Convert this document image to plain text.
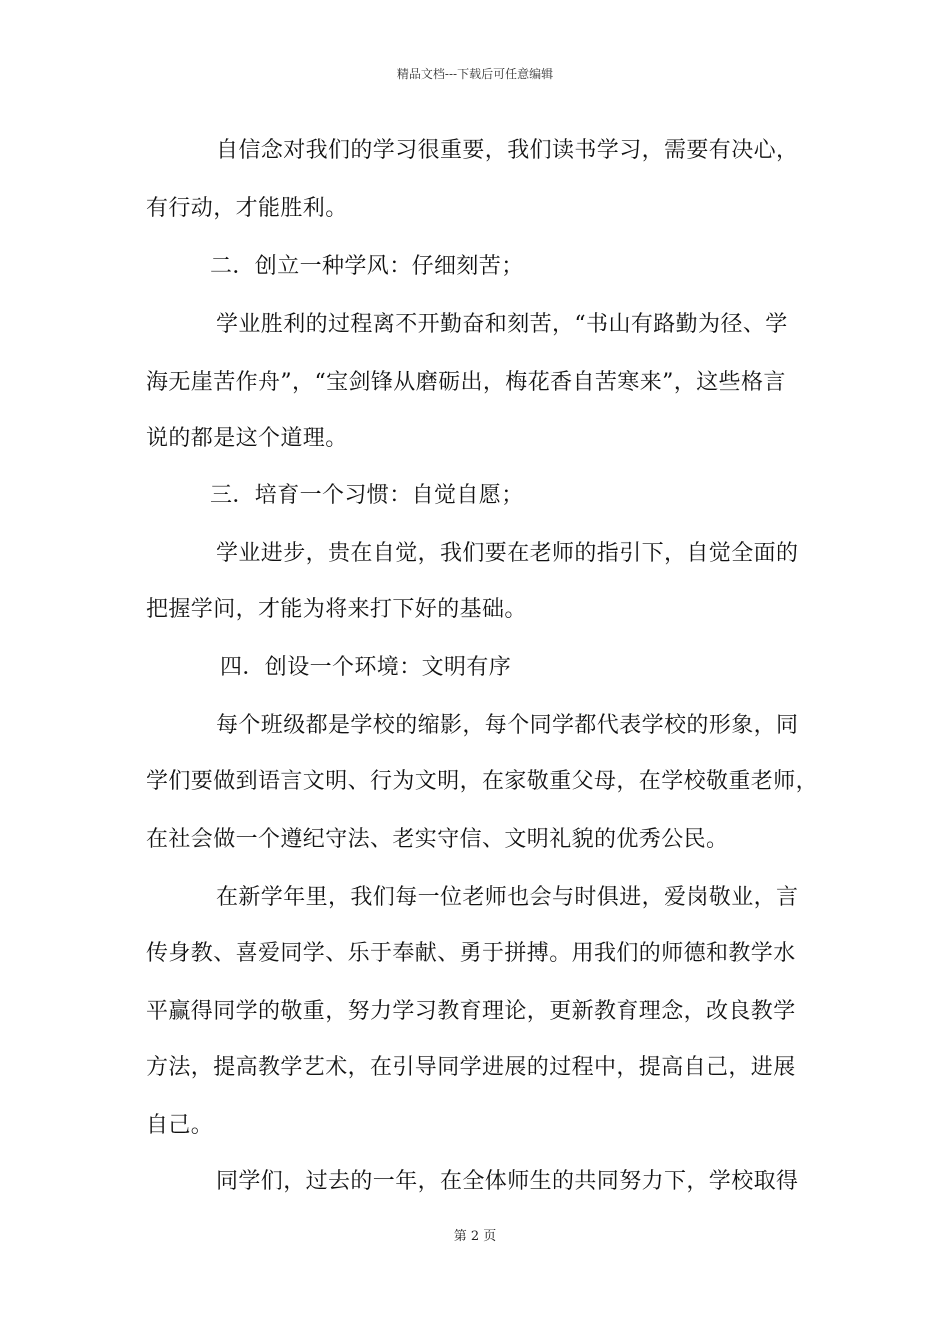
精品文档---下载后可任意编辑
自信念对我们的学习很重要，我们读书学习，需要有决心，
有行动，才能胜利。
二．创立一种学风：仔细刻苦；
学业胜利的过程离不开勤奋和刻苦，“书山有路勤为径、学
海无崖苦作舟”，“宝剑锋从磨砺出，梅花香自苦寒来”，这些格言
说的都是这个道理。
三．培育一个习惯：自觉自愿；
学业进步，贵在自觉，我们要在老师的指引下，自觉全面的
把握学问，才能为将来打下好的基础。
四．创设一个环境：文明有序
每个班级都是学校的缩影，每个同学都代表学校的形象，同
学们要做到语言文明、行为文明，在家敬重父母，在学校敬重老师，
在社会做一个遵纪守法、老实守信、文明礼貌的优秀公民。
在新学年里，我们每一位老师也会与时俱进，爱岗敬业，言
传身教、喜爱同学、乐于奉献、勇于拼搏。用我们的师德和教学水
平赢得同学的敬重，努力学习教育理论，更新教育理念，改良教学
方法，提高教学艺术，在引导同学进展的过程中，提高自己，进展
自己。
同学们，过去的一年，在全体师生的共同努力下，学校取得
第 2 页
